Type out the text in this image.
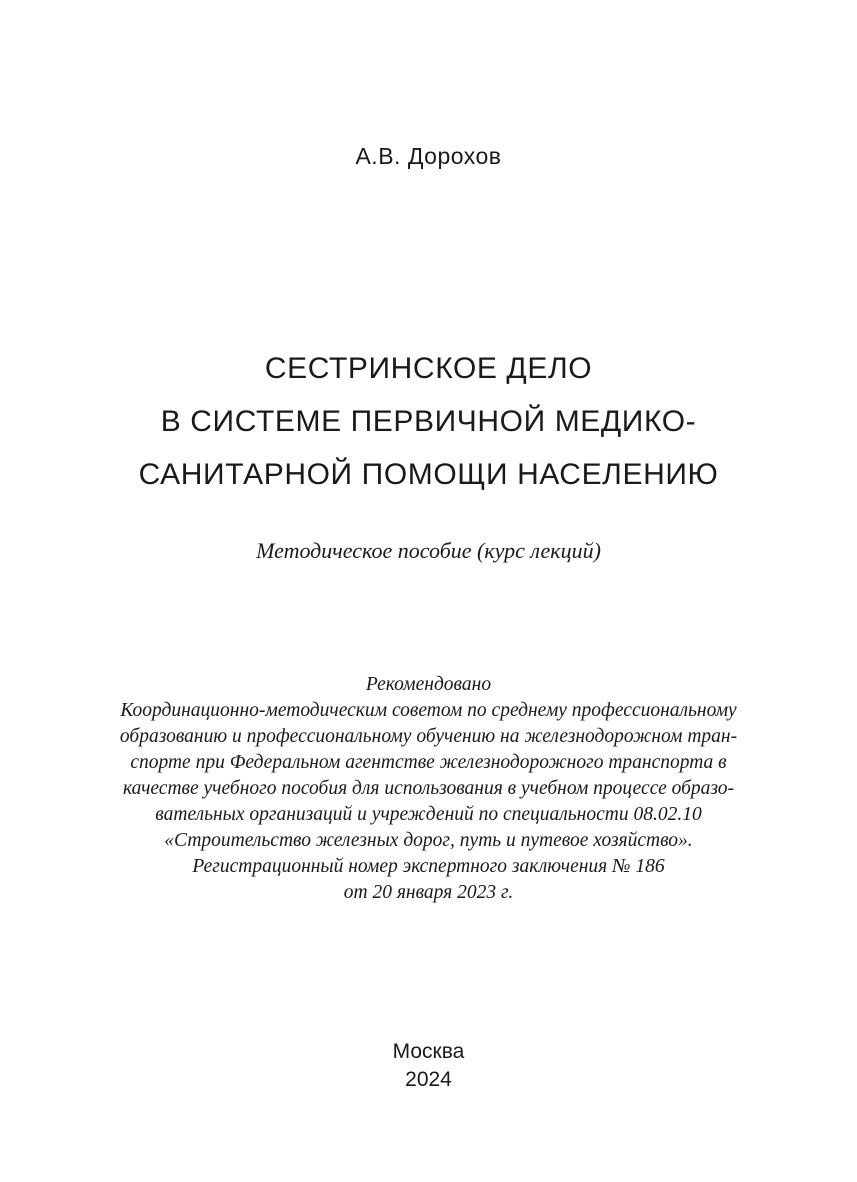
А.В. Дорохов
СЕСТРИНСКОЕ ДЕЛО
В СИСТЕМЕ ПЕРВИЧНОЙ МЕДИКО-
САНИТАРНОЙ ПОМОЩИ НАСЕЛЕНИЮ
Методическое пособие (курс лекций)
Рекомендовано
Координационно-методическим советом по среднему профессиональному
образованию и профессиональному обучению на железнодорожном тран-
спорте при Федеральном агентстве железнодорожного транспорта в
качестве учебного пособия для использования в учебном процессе образо-
вательных организаций и учреждений по специальности 08.02.10
«Строительство железных дорог, путь и путевое хозяйство».
Регистрационный номер экспертного заключения № 186
от 20 января 2023 г.
Москва
2024
